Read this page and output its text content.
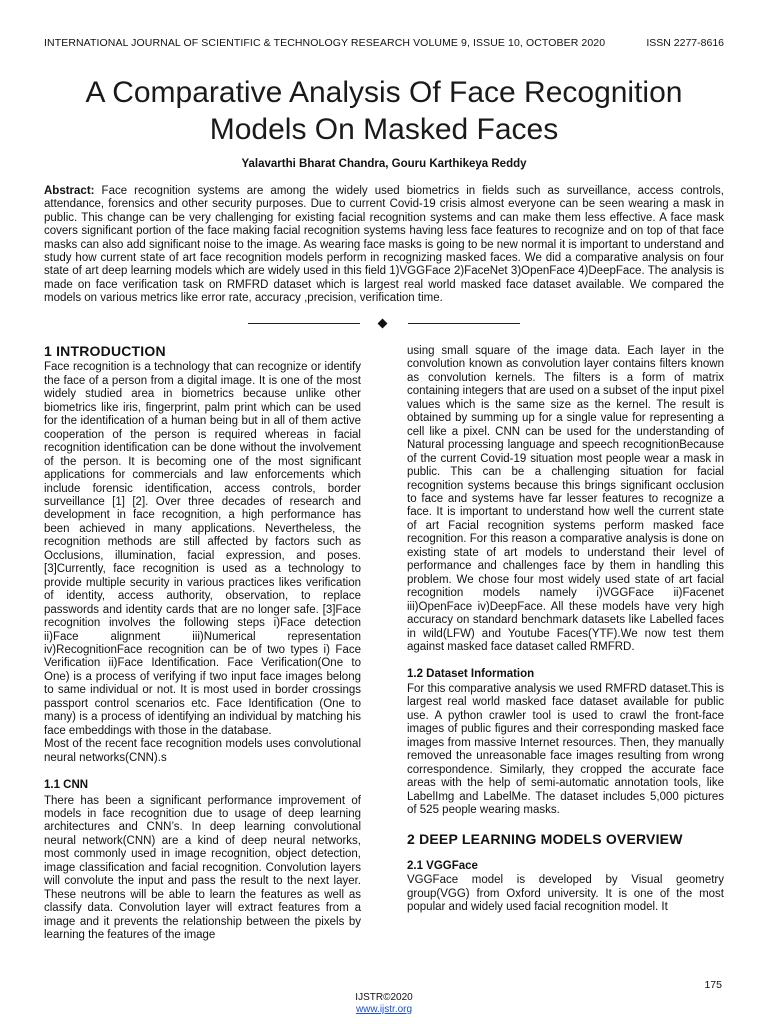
INTERNATIONAL JOURNAL OF SCIENTIFIC & TECHNOLOGY RESEARCH VOLUME 9, ISSUE 10, OCTOBER 2020	ISSN 2277-8616
A Comparative Analysis Of Face Recognition
Models On Masked Faces
Yalavarthi Bharat Chandra, Gouru Karthikeya Reddy
Abstract: Face recognition systems are among the widely used biometrics in fields such as surveillance, access controls, attendance, forensics and other security purposes. Due to current Covid-19 crisis almost everyone can be seen wearing a mask in public. This change can be very challenging for existing facial recognition systems and can make them less effective. A face mask covers significant portion of the face making facial recognition systems having less face features to recognize and on top of that face masks can also add significant noise to the image. As wearing face masks is going to be new normal it is important to understand and study how current state of art face recognition models perform in recognizing masked faces. We did a comparative analysis on four state of art deep learning models which are widely used in this field 1)VGGFace 2)FaceNet 3)OpenFace 4)DeepFace. The analysis is made on face verification task on RMFRD dataset which is largest real world masked face dataset available. We compared the models on various metrics like error rate, accuracy ,precision, verification time.

1 INTRODUCTION

Face recognition is a technology that can recognize or identify the face of a person from a digital image. It is one of the most widely studied area in biometrics because unlike other biometrics like iris, fingerprint, palm print which can be used for the identification of a human being but in all of them active cooperation of the person is required whereas in facial recognition identification can be done without the involvement of the person. It is becoming one of the most significant applications for commercials and law enforcements which include forensic identification, access controls, border surveillance [1] [2]. Over three decades of research and development in face recognition, a high performance has been achieved in many applications. Nevertheless, the recognition methods are still affected by factors such as Occlusions, illumination, facial expression, and poses. [3]Currently, face recognition is used as a technology to provide multiple security in various practices likes verification of identity, access authority, observation, to replace passwords and identity cards that are no longer safe. [3]Face recognition involves the following steps i)Face detection ii)Face alignment iii)Numerical representation iv)RecognitionFace recognition can be of two types i) Face Verification ii)Face Identification. Face Verification(One to One) is a process of verifying if two input face images belong to same individual or not. It is most used in border crossings passport control scenarios etc. Face Identification (One to many) is a process of identifying an individual by matching his face embeddings with those in the database.

Most of the recent face recognition models uses convolutional neural networks(CNN).s

1.1 CNN

There has been a significant performance improvement of models in face recognition due to usage of deep learning architectures and CNN’s. In deep learning convolutional neural network(CNN) are a kind of deep neural networks, most commonly used in image recognition, object detection, image classification and facial recognition. Convolution layers will convolute the input and pass the result to the next layer. These neutrons will be able to learn the features as well as classify data. Convolution layer will extract features from a image and it prevents the relationship between the pixels by learning the features of the image

using small square of the image data. Each layer in the convolution known as convolution layer contains filters known as convolution kernels. The filters is a form of matrix containing integers that are used on a subset of the input pixel values which is the same size as the kernel. The result is obtained by summing up for a single value for representing a cell like a pixel. CNN can be used for the understanding of Natural processing language and speech recognitionBecause of the current Covid-19 situation most people wear a mask in public. This can be a challenging situation for facial recognition systems because this brings significant occlusion to face and systems have far lesser features to recognize a face. It is important to understand how well the current state of art Facial recognition systems perform masked face recognition. For this reason a comparative analysis is done on existing state of art models to understand their level of performance and challenges face by them in handling this problem. We chose four most widely used state of art facial recognition models namely i)VGGFace ii)Facenet iii)OpenFace iv)DeepFace. All these models have very high accuracy on standard benchmark datasets like Labelled faces in wild(LFW) and Youtube Faces(YTF).We now test them against masked face dataset called RMFRD.

1.2 Dataset Information

For this comparative analysis we used RMFRD dataset.This is largest real world masked face dataset available for public use. A python crawler tool is used to crawl the front-face images of public figures and their corresponding masked face images from massive Internet resources. Then, they manually removed the unreasonable face images resulting from wrong correspondence. Similarly, they cropped the accurate face areas with the help of semi-automatic annotation tools, like LabelImg and LabelMe. The dataset includes 5,000 pictures of 525 people wearing masks.

2 DEEP LEARNING MODELS OVERVIEW

2.1 VGGFace

VGGFace model is developed by Visual geometry group(VGG) from Oxford university. It is one of the most popular and widely used facial recognition model. It

175
IJSTR©2020
www.ijstr.org
